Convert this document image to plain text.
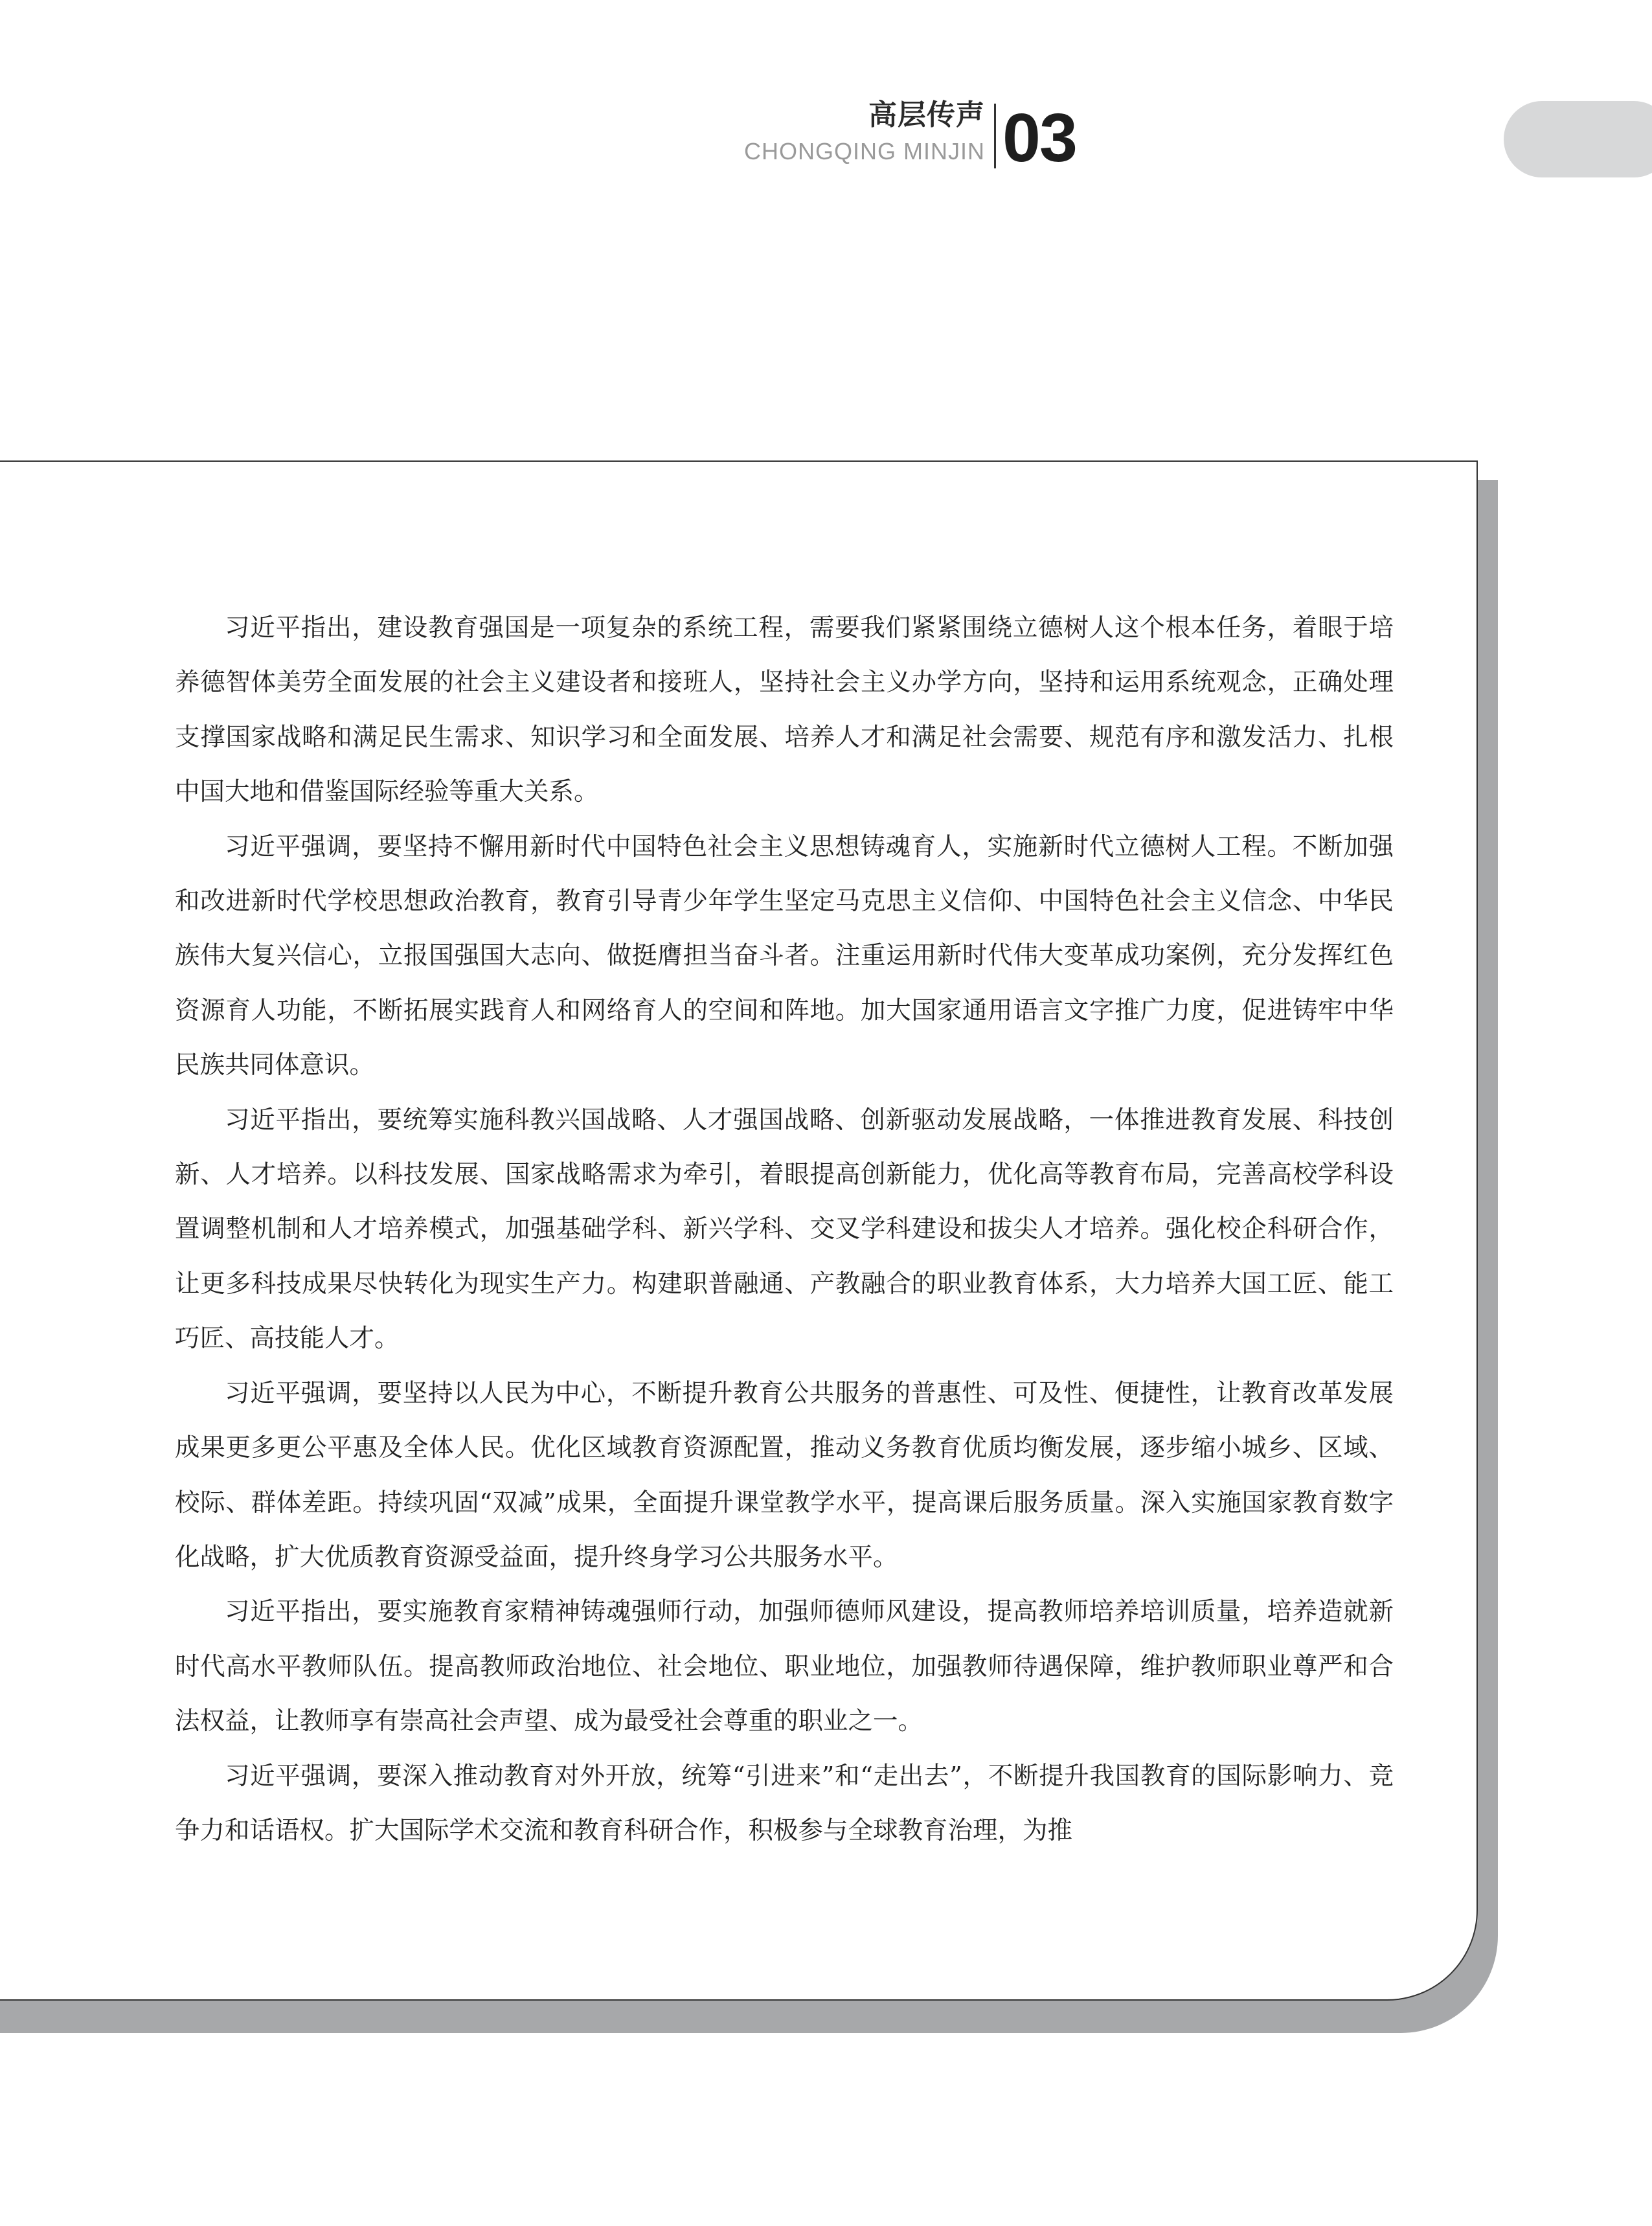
高层传声
CHONGQING MINJIN 03

习近平指出，建设教育强国是一项复杂的系统工程，需要我们紧紧围绕立德树人这个根本任务，着眼于培养德智体美劳全面发展的社会主义建设者和接班人，坚持社会主义办学方向，坚持和运用系统观念，正确处理支撑国家战略和满足民生需求、知识学习和全面发展、培养人才和满足社会需要、规范有序和激发活力、扎根中国大地和借鉴国际经验等重大关系。

习近平强调，要坚持不懈用新时代中国特色社会主义思想铸魂育人，实施新时代立德树人工程。不断加强和改进新时代学校思想政治教育，教育引导青少年学生坚定马克思主义信仰、中国特色社会主义信念、中华民族伟大复兴信心，立报国强国大志向、做挺膺担当奋斗者。注重运用新时代伟大变革成功案例，充分发挥红色资源育人功能，不断拓展实践育人和网络育人的空间和阵地。加大国家通用语言文字推广力度，促进铸牢中华民族共同体意识。

习近平指出，要统筹实施科教兴国战略、人才强国战略、创新驱动发展战略，一体推进教育发展、科技创新、人才培养。以科技发展、国家战略需求为牵引，着眼提高创新能力，优化高等教育布局，完善高校学科设置调整机制和人才培养模式，加强基础学科、新兴学科、交叉学科建设和拔尖人才培养。强化校企科研合作，让更多科技成果尽快转化为现实生产力。构建职普融通、产教融合的职业教育体系，大力培养大国工匠、能工巧匠、高技能人才。

习近平强调，要坚持以人民为中心，不断提升教育公共服务的普惠性、可及性、便捷性，让教育改革发展成果更多更公平惠及全体人民。优化区域教育资源配置，推动义务教育优质均衡发展，逐步缩小城乡、区域、校际、群体差距。持续巩固“双减”成果，全面提升课堂教学水平，提高课后服务质量。深入实施国家教育数字化战略，扩大优质教育资源受益面，提升终身学习公共服务水平。

习近平指出，要实施教育家精神铸魂强师行动，加强师德师风建设，提高教师培养培训质量，培养造就新时代高水平教师队伍。提高教师政治地位、社会地位、职业地位，加强教师待遇保障，维护教师职业尊严和合法权益，让教师享有崇高社会声望、成为最受社会尊重的职业之一。

习近平强调，要深入推动教育对外开放，统筹“引进来”和“走出去”，不断提升我国教育的国际影响力、竞争力和话语权。扩大国际学术交流和教育科研合作，积极参与全球教育治理，为推
